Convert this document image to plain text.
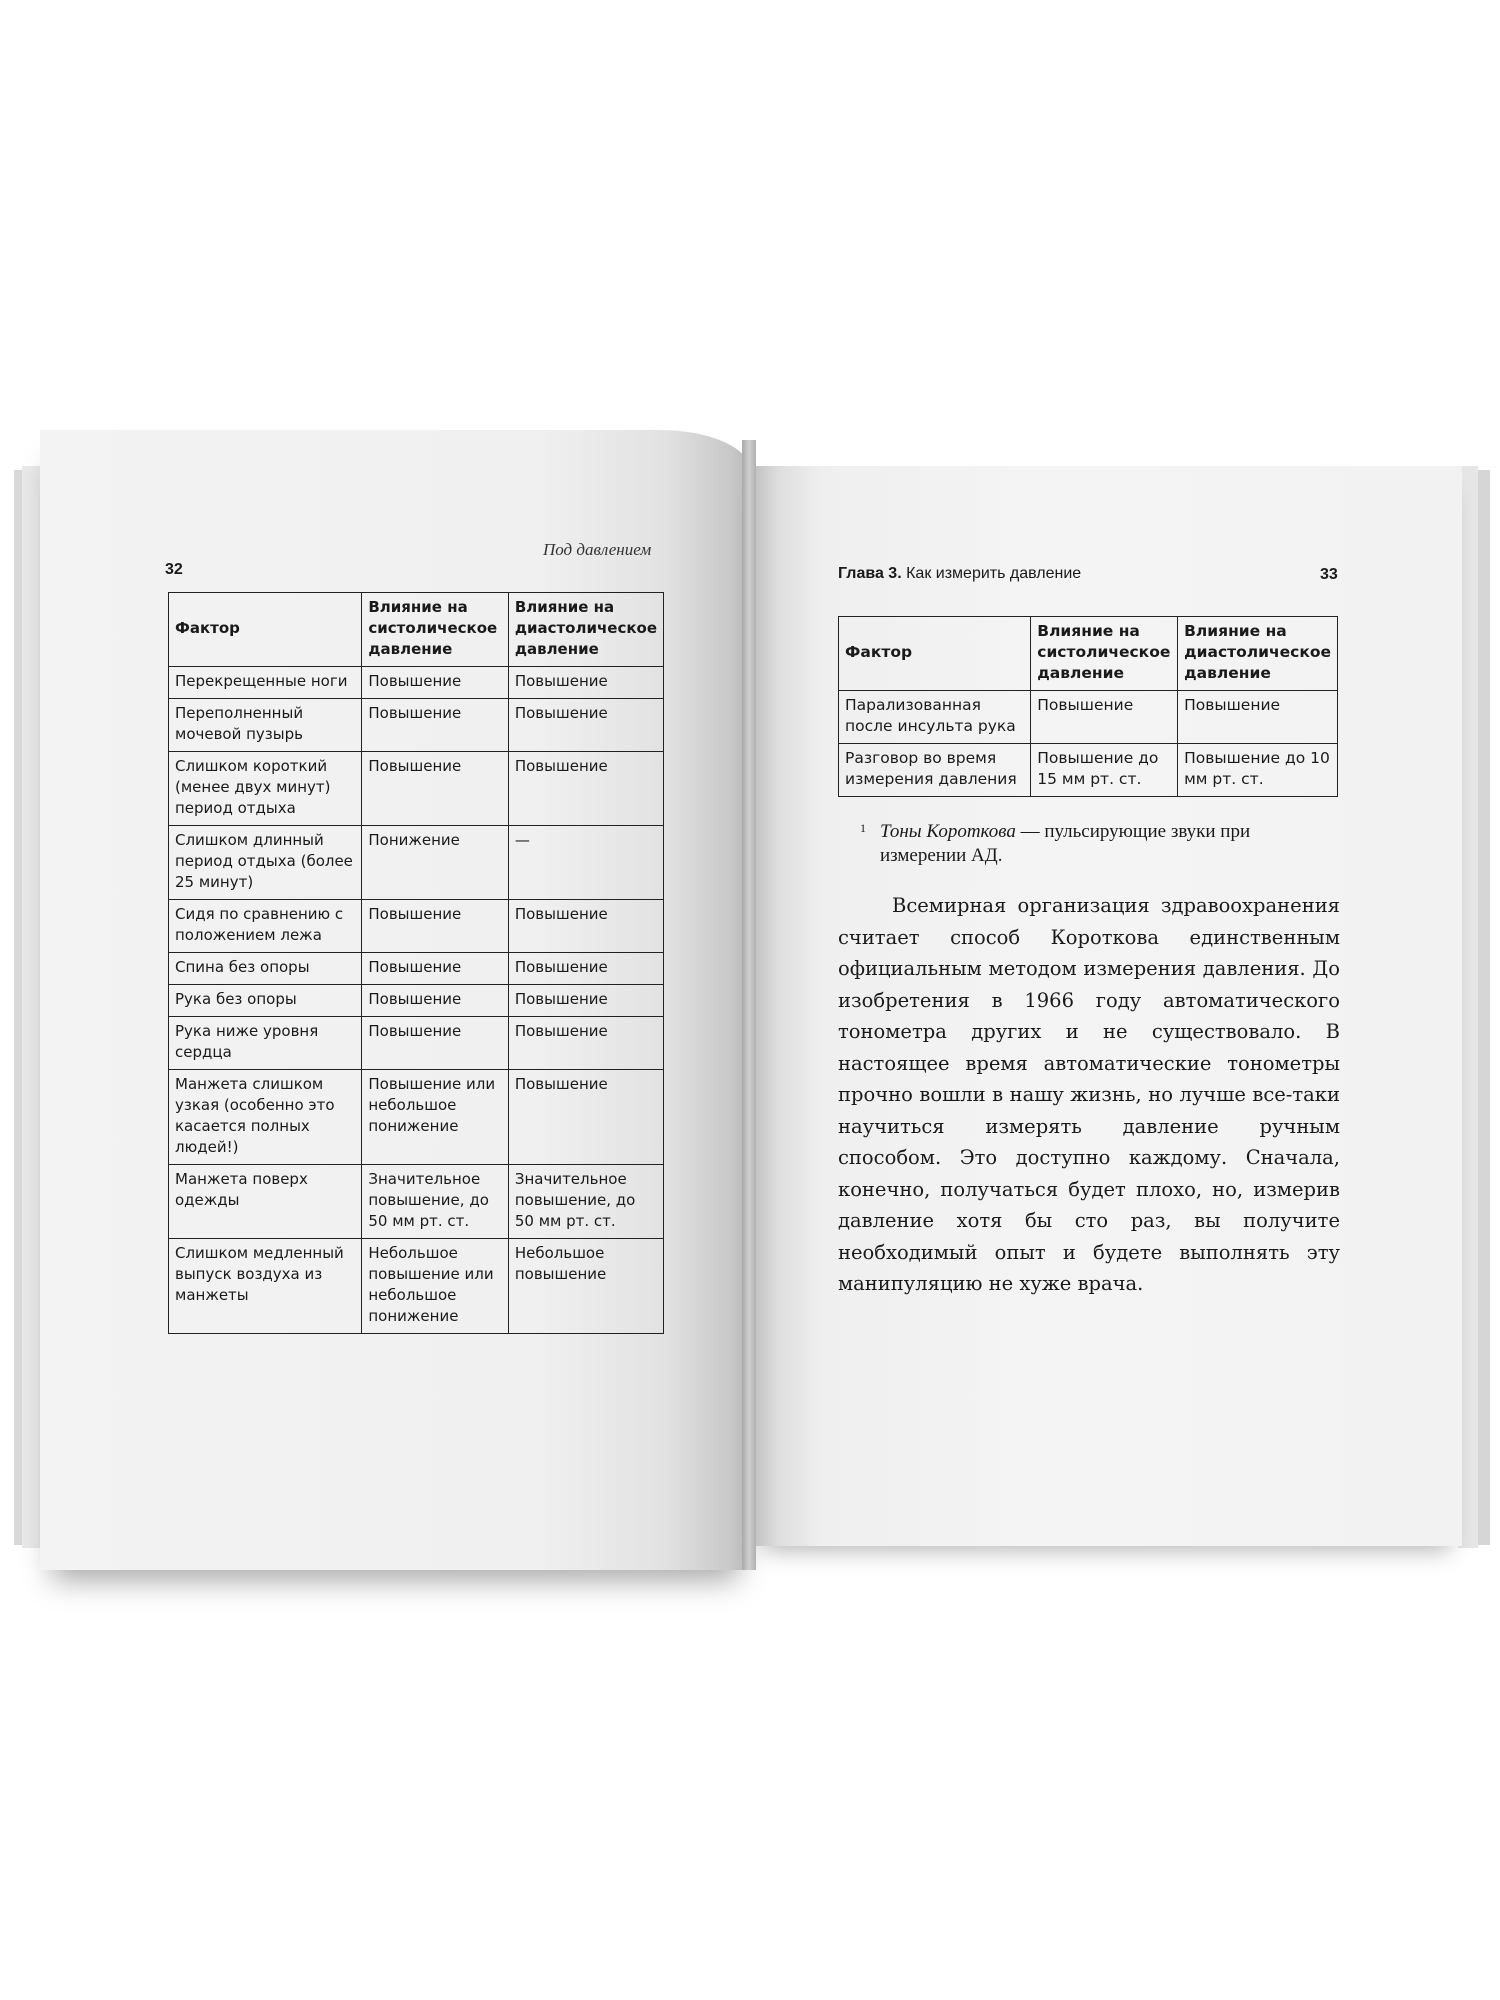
32
Под давлением
Фактор	Влияние на систолическое давление	Влияние на диастолическое давление
Перекрещенные ноги	Повышение	Повышение
Переполненный мочевой пузырь	Повышение	Повышение
Слишком короткий (менее двух минут) период отдыха	Повышение	Повышение
Слишком длинный период отдыха (более 25 минут)	Понижение	—
Сидя по сравнению с положением лежа	Повышение	Повышение
Спина без опоры	Повышение	Повышение
Рука без опоры	Повышение	Повышение
Рука ниже уровня сердца	Повышение	Повышение
Манжета слишком узкая (особенно это касается полных людей!)	Повышение или небольшое понижение	Повышение
Манжета поверх одежды	Значительное повышение, до 50 мм рт. ст.	Значительное повышение, до 50 мм рт. ст.
Слишком медленный выпуск воздуха из манжеты	Небольшое повышение или небольшое понижение	Небольшое повышение
Глава 3. Как измерить давление	33
Фактор	Влияние на систолическое давление	Влияние на диастолическое давление
Парализованная после инсульта рука	Повышение	Повышение
Разговор во время измерения давления	Повышение до 15 мм рт. ст.	Повышение до 10 мм рт. ст.
1 Тоны Короткова — пульсирующие звуки при измерении АД.

Всемирная организация здравоохранения считает способ Короткова единственным официальным методом измерения давления. До изобретения в 1966 году автоматического тонометра других и не существовало. В настоящее время автоматические тонометры прочно вошли в нашу жизнь, но лучше все-таки научиться измерять давление ручным способом. Это доступно каждому. Сначала, конечно, получаться будет плохо, но, измерив давление хотя бы сто раз, вы получите необходимый опыт и будете выполнять эту манипуляцию не хуже врача.
